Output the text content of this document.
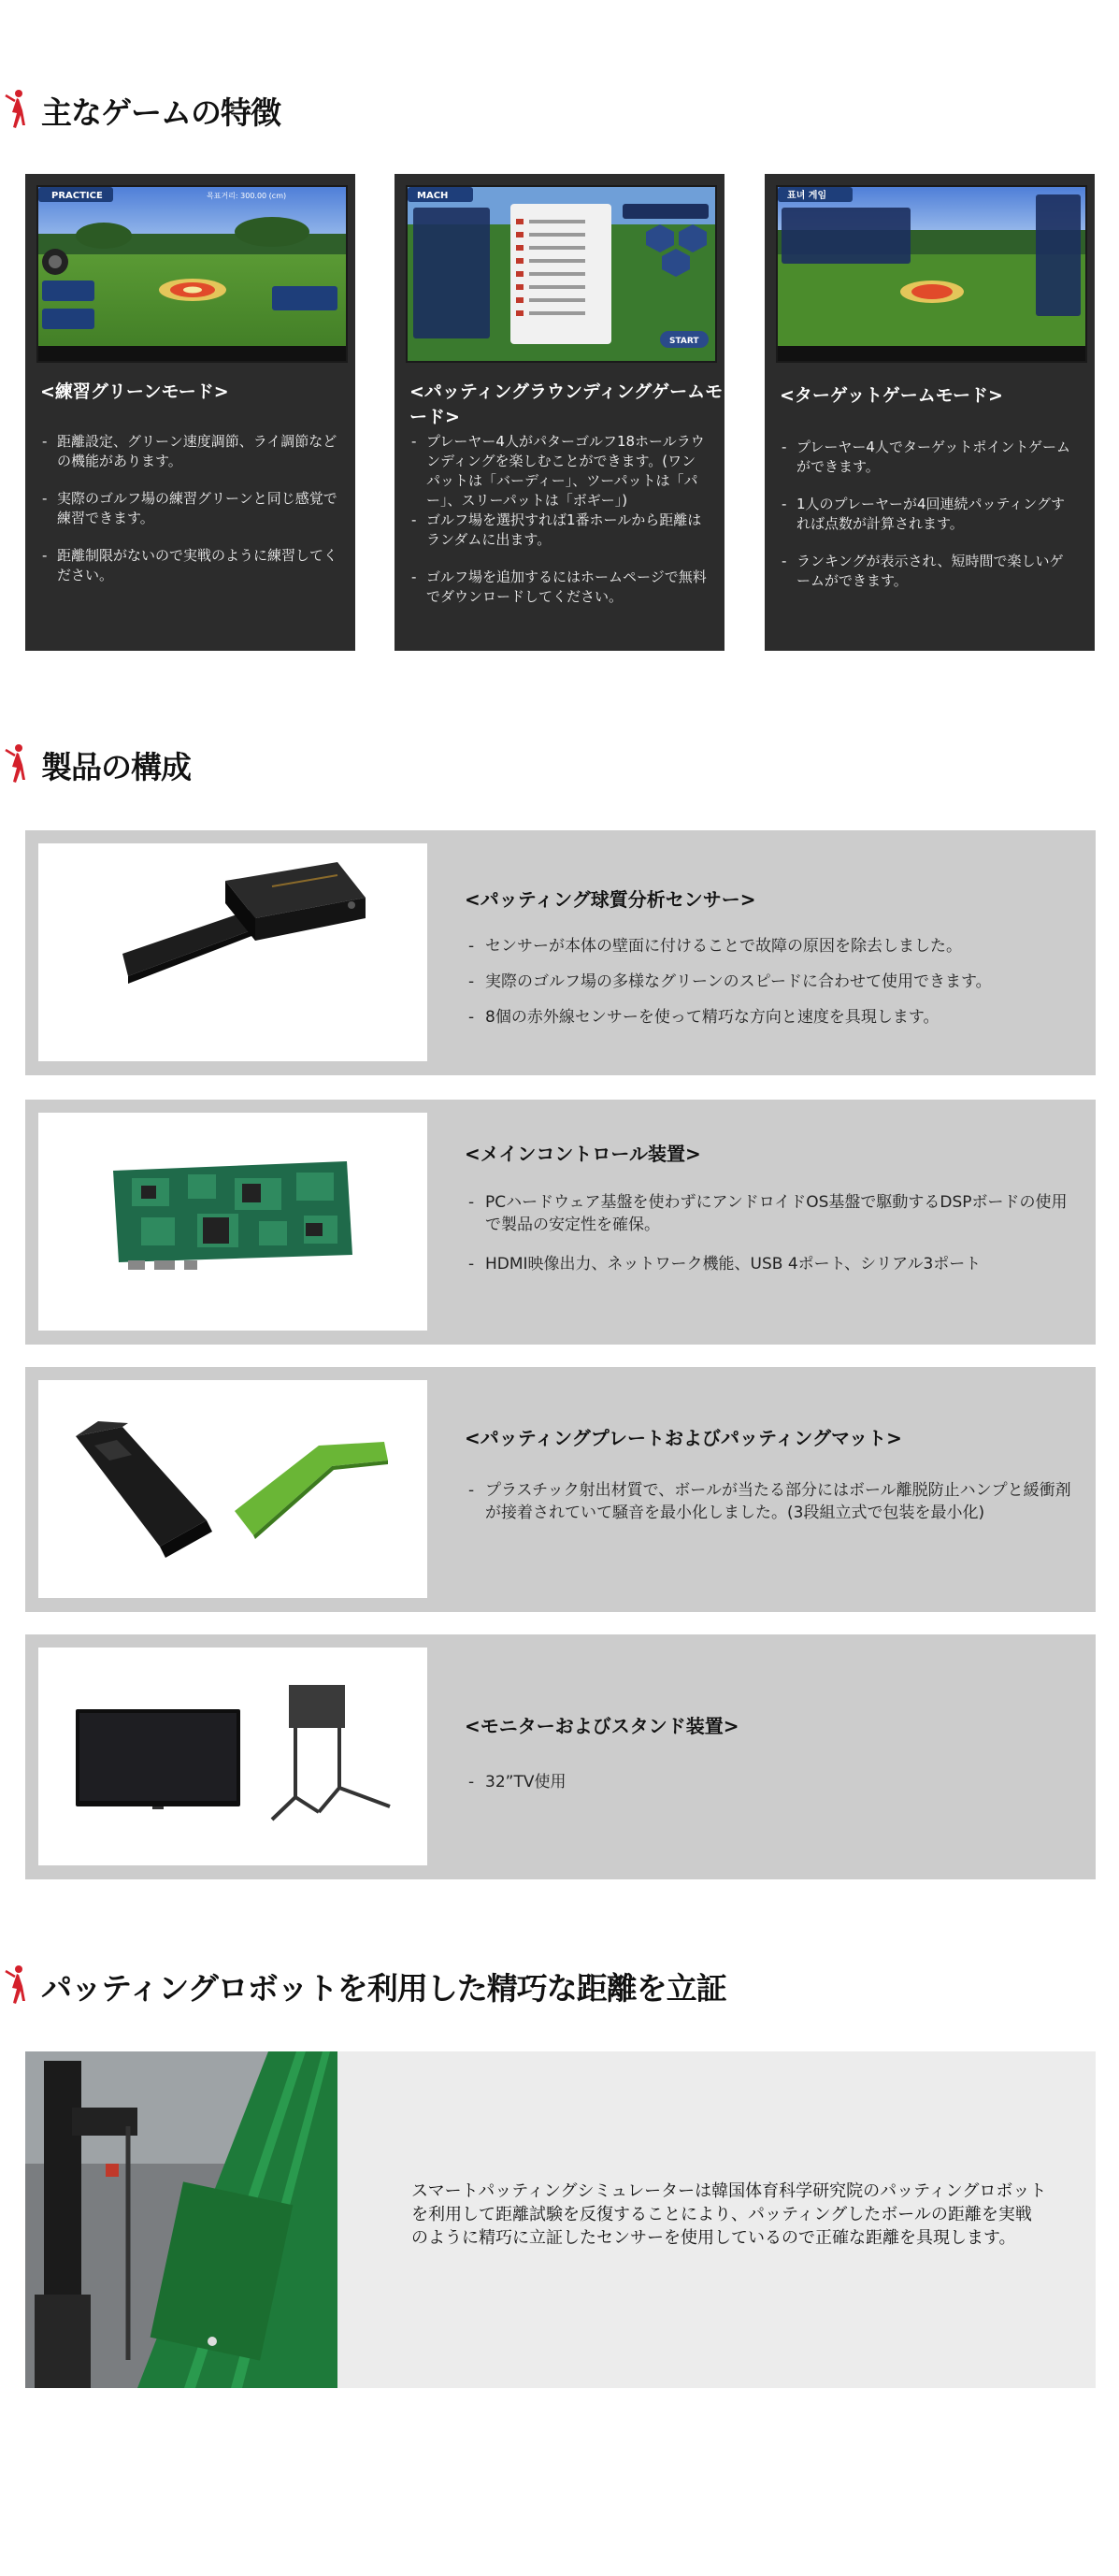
主なゲームの特徴
PRACTICE	목표거리: 300.00 (cm)
<練習グリーンモード>
- 距離設定、グリーン速度調節、ライ調節などの機能があります。
- 実際のゴルフ場の練習グリーンと同じ感覚で練習できます。
- 距離制限がないので実戦のように練習してください。
MACH
START
<パッティングラウンディングゲームモード>
- プレーヤー4人がパターゴルフ18ホールラウンディングを楽しむことができます。(ワンパットは「バーディー」、ツーパットは「パー」、スリーパットは「ボギー」)
- ゴルフ場を選択すれば1番ホールから距離はランダムに出ます。
- ゴルフ場を追加するにはホームページで無料でダウンロードしてください。
표녀 게임
<ターゲットゲームモード>
- プレーヤー4人でターゲットポイントゲームができます。
- 1人のプレーヤーが4回連続パッティングすれば点数が計算されます。
- ランキングが表示され、短時間で楽しいゲームができます。
製品の構成
<パッティング球質分析センサー>
- センサーが本体の壁面に付けることで故障の原因を除去しました。
- 実際のゴルフ場の多様なグリーンのスピードに合わせて使用できます。
- 8個の赤外線センサーを使って精巧な方向と速度を具現します。
<メインコントロール装置>
- PCハードウェア基盤を使わずにアンドロイドOS基盤で駆動するDSPボードの使用で製品の安定性を確保。
- HDMI映像出力、ネットワーク機能、USB 4ポート、シリアル3ポート
<パッティングプレートおよびパッティングマット>
- プラスチック射出材質で、ボールが当たる部分にはボール離脱防止ハンプと緩衝剤が接着されていて騒音を最小化しました。(3段組立式で包装を最小化)
<モニターおよびスタンド装置>
- 32”TV使用
パッティングロボットを利用した精巧な距離を立証

スマートパッティングシミュレーターは韓国体育科学研究院のパッティングロボットを利用して距離試験を反復することにより、パッティングしたボールの距離を実戦のように精巧に立証したセンサーを使用しているので正確な距離を具現します。
